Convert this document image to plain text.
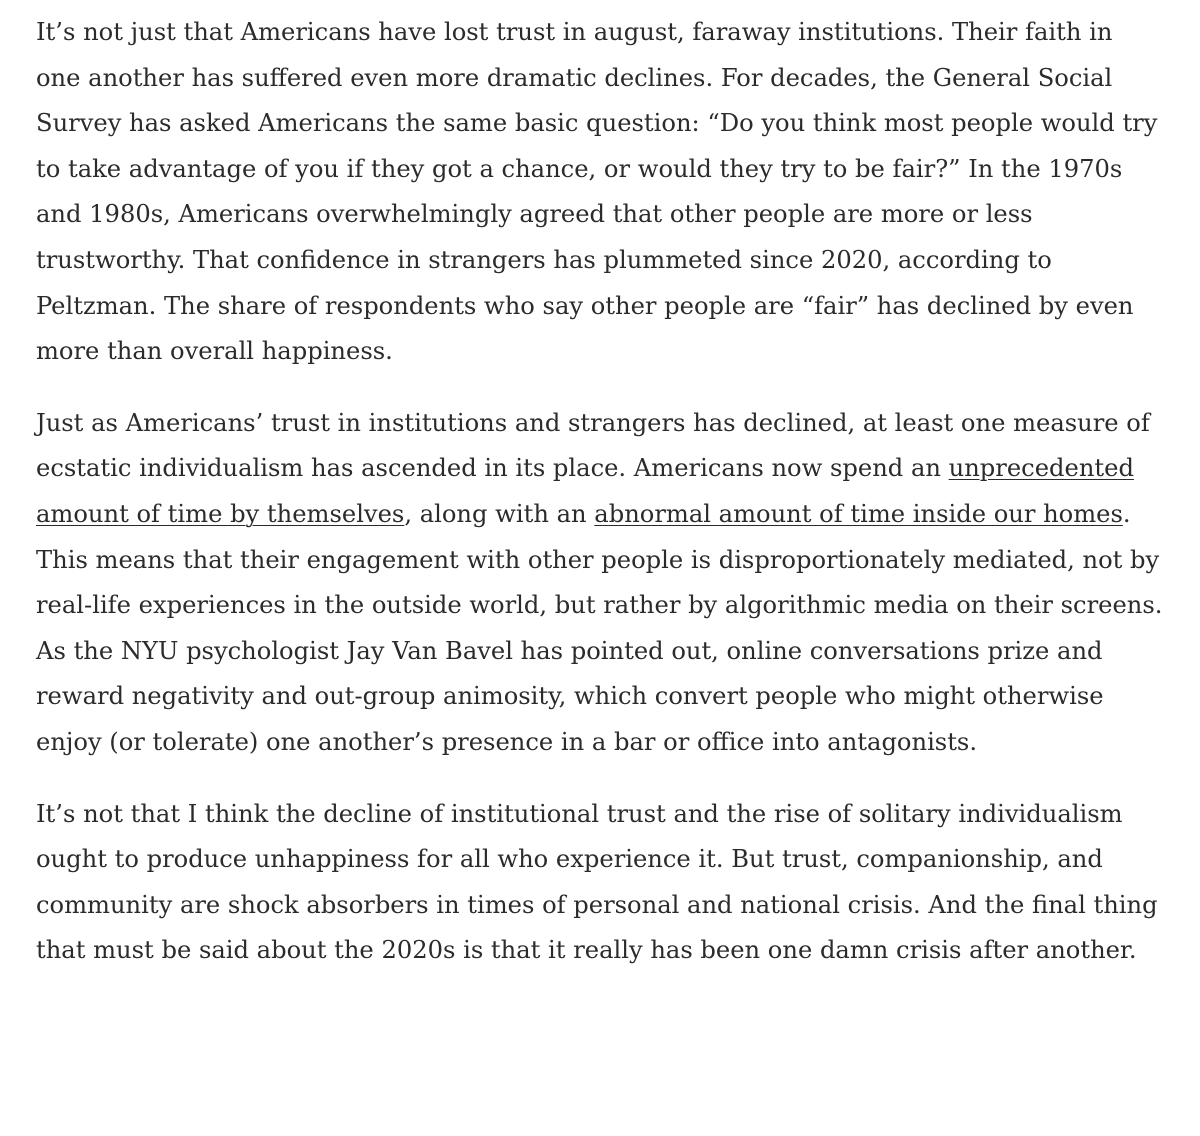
It’s not just that Americans have lost trust in august, faraway institutions. Their faith in one another has suffered even more dramatic declines. For decades, the General Social Survey has asked Americans the same basic question: “Do you think most people would try to take advantage of you if they got a chance, or would they try to be fair?” In the 1970s and 1980s, Americans overwhelmingly agreed that other people are more or less trustworthy. That confidence in strangers has plummeted since 2020, according to Peltzman. The share of respondents who say other people are “fair” has declined by even more than overall happiness.

Just as Americans’ trust in institutions and strangers has declined, at least one measure of ecstatic individualism has ascended in its place. Americans now spend an unprecedented amount of time by themselves, along with an abnormal amount of time inside our homes. This means that their engagement with other people is disproportionately mediated, not by real-life experiences in the outside world, but rather by algorithmic media on their screens. As the NYU psychologist Jay Van Bavel has pointed out, online conversations prize and reward negativity and out-group animosity, which convert people who might otherwise enjoy (or tolerate) one another’s presence in a bar or office into antagonists.

It’s not that I think the decline of institutional trust and the rise of solitary individualism ought to produce unhappiness for all who experience it. But trust, companionship, and community are shock absorbers in times of personal and national crisis. And the final thing that must be said about the 2020s is that it really has been one damn crisis after another.
